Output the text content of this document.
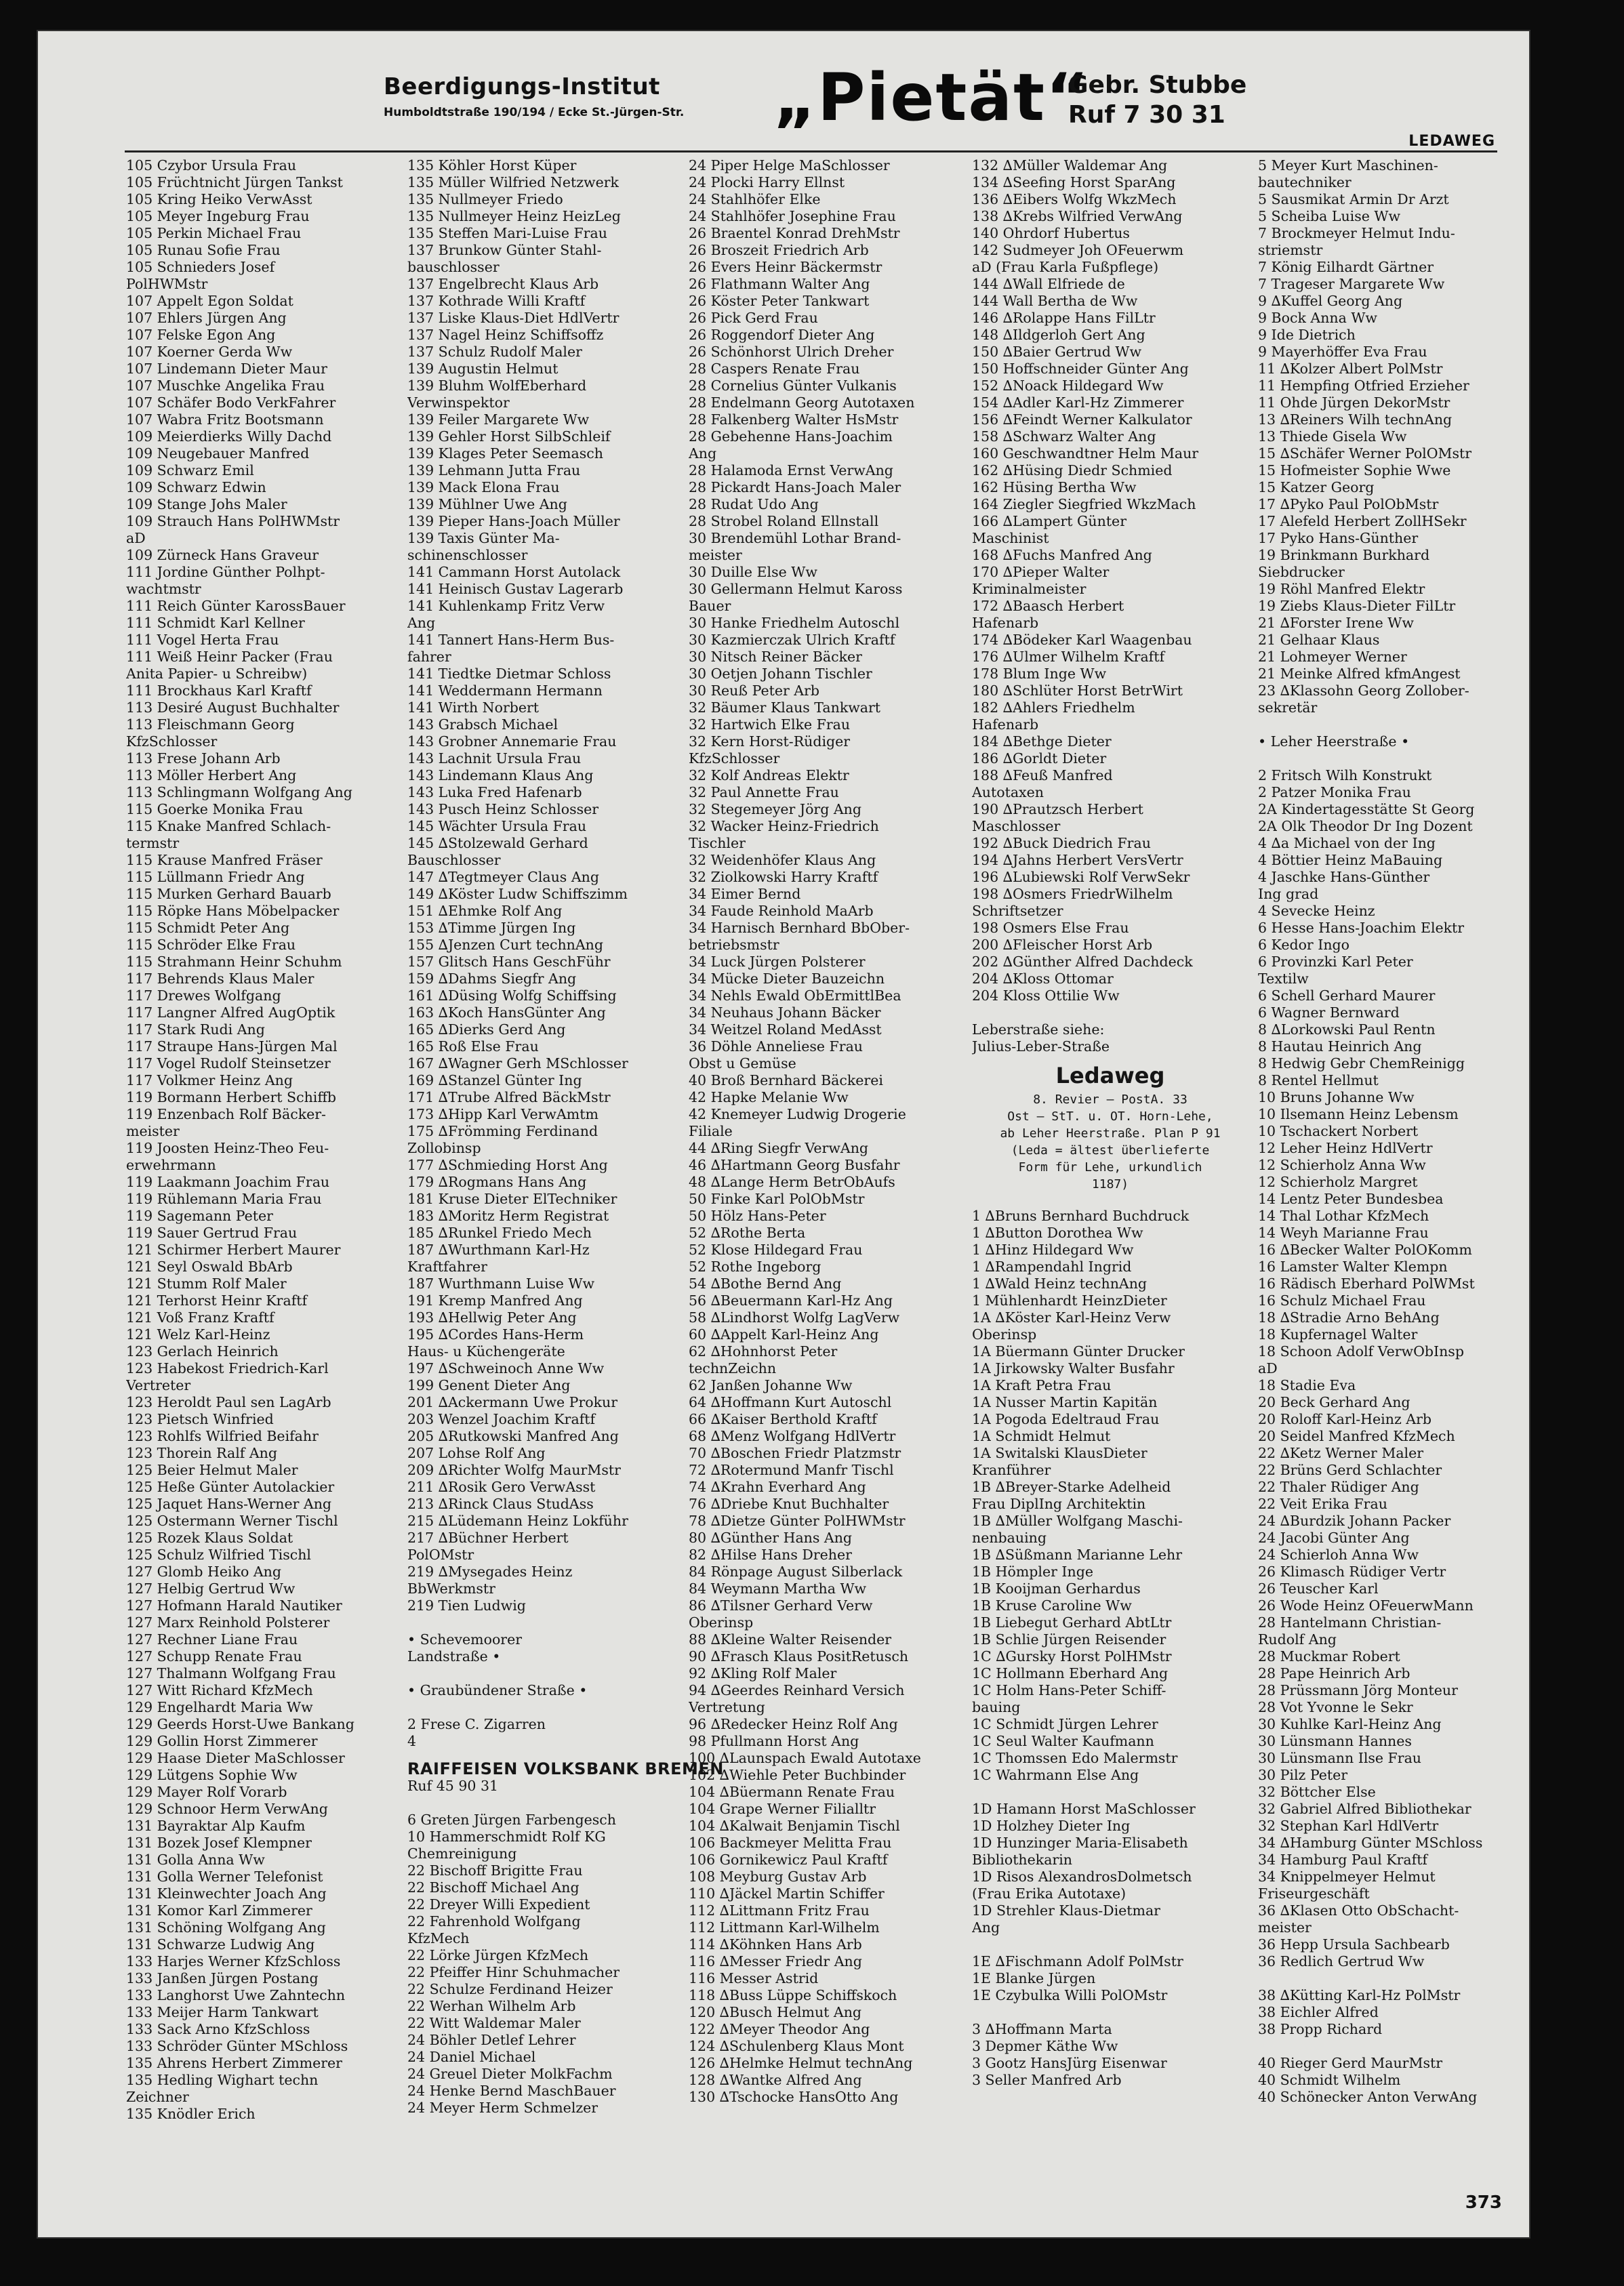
Beerdigungs-Institut
Humboldtstraße 190/194 / Ecke St.-Jürgen-Str.	„Pietät“
Gebr. Stubbe
Ruf 7 30 31
LEDAWEG
105 Czybor Ursula Frau
105 Früchtnicht Jürgen Tankst
105 Kring Heiko VerwAsst
105 Meyer Ingeburg Frau
105 Perkin Michael Frau
105 Runau Sofie Frau
105 Schnieders Josef
PolHWMstr
107 Appelt Egon Soldat
107 Ehlers Jürgen Ang
107 Felske Egon Ang
107 Koerner Gerda Ww
107 Lindemann Dieter Maur
107 Muschke Angelika Frau
107 Schäfer Bodo VerkFahrer
107 Wabra Fritz Bootsmann
109 Meierdierks Willy Dachd
109 Neugebauer Manfred
109 Schwarz Emil
109 Schwarz Edwin
109 Stange Johs Maler
109 Strauch Hans PolHWMstr
aD
109 Zürneck Hans Graveur
111 Jordine Günther Polhpt-
wachtmstr
111 Reich Günter KarossBauer
111 Schmidt Karl Kellner
111 Vogel Herta Frau
111 Weiß Heinr Packer (Frau
Anita Papier- u Schreibw)
111 Brockhaus Karl Kraftf
113 Desiré August Buchhalter
113 Fleischmann Georg
KfzSchlosser
113 Frese Johann Arb
113 Möller Herbert Ang
113 Schlingmann Wolfgang Ang
115 Goerke Monika Frau
115 Knake Manfred Schlach-
termstr
115 Krause Manfred Fräser
115 Lüllmann Friedr Ang
115 Murken Gerhard Bauarb
115 Röpke Hans Möbelpacker
115 Schmidt Peter Ang
115 Schröder Elke Frau
115 Strahmann Heinr Schuhm
117 Behrends Klaus Maler
117 Drewes Wolfgang
117 Langner Alfred AugOptik
117 Stark Rudi Ang
117 Straupe Hans-Jürgen Mal
117 Vogel Rudolf Steinsetzer
117 Volkmer Heinz Ang
119 Bormann Herbert Schiffb
119 Enzenbach Rolf Bäcker-
meister
119 Joosten Heinz-Theo Feu-
erwehrmann
119 Laakmann Joachim Frau
119 Rühlemann Maria Frau
119 Sagemann Peter
119 Sauer Gertrud Frau
121 Schirmer Herbert Maurer
121 Seyl Oswald BbArb
121 Stumm Rolf Maler
121 Terhorst Heinr Kraftf
121 Voß Franz Kraftf
121 Welz Karl-Heinz
123 Gerlach Heinrich
123 Habekost Friedrich-Karl
Vertreter
123 Heroldt Paul sen LagArb
123 Pietsch Winfried
123 Rohlfs Wilfried Beifahr
123 Thorein Ralf Ang
125 Beier Helmut Maler
125 Heße Günter Autolackier
125 Jaquet Hans-Werner Ang
125 Ostermann Werner Tischl
125 Rozek Klaus Soldat
125 Schulz Wilfried Tischl
127 Glomb Heiko Ang
127 Helbig Gertrud Ww
127 Hofmann Harald Nautiker
127 Marx Reinhold Polsterer
127 Rechner Liane Frau
127 Schupp Renate Frau
127 Thalmann Wolfgang Frau
127 Witt Richard KfzMech
129 Engelhardt Maria Ww
129 Geerds Horst-Uwe Bankang
129 Gollin Horst Zimmerer
129 Haase Dieter MaSchlosser
129 Lütgens Sophie Ww
129 Mayer Rolf Vorarb
129 Schnoor Herm VerwAng
131 Bayraktar Alp Kaufm
131 Bozek Josef Klempner
131 Golla Anna Ww
131 Golla Werner Telefonist
131 Kleinwechter Joach Ang
131 Komor Karl Zimmerer
131 Schöning Wolfgang Ang
131 Schwarze Ludwig Ang
133 Harjes Werner KfzSchloss
133 Janßen Jürgen Postang
133 Langhorst Uwe Zahntechn
133 Meijer Harm Tankwart
133 Sack Arno KfzSchloss
133 Schröder Günter MSchloss
135 Ahrens Herbert Zimmerer
135 Hedling Wighart techn
Zeichner
135 Knödler Erich
135 Köhler Horst Küper
135 Müller Wilfried Netzwerk
135 Nullmeyer Friedo
135 Nullmeyer Heinz HeizLeg
135 Steffen Mari-Luise Frau
137 Brunkow Günter Stahl-
bauschlosser
137 Engelbrecht Klaus Arb
137 Kothrade Willi Kraftf
137 Liske Klaus-Diet HdlVertr
137 Nagel Heinz Schiffsoffz
137 Schulz Rudolf Maler
139 Augustin Helmut
139 Bluhm WolfEberhard
Verwinspektor
139 Feiler Margarete Ww
139 Gehler Horst SilbSchleif
139 Klages Peter Seemasch
139 Lehmann Jutta Frau
139 Mack Elona Frau
139 Mühlner Uwe Ang
139 Pieper Hans-Joach Müller
139 Taxis Günter Ma-
schinenschlosser
141 Cammann Horst Autolack
141 Heinisch Gustav Lagerarb
141 Kuhlenkamp Fritz Verw
Ang
141 Tannert Hans-Herm Bus-
fahrer
141 Tiedtke Dietmar Schloss
141 Weddermann Hermann
141 Wirth Norbert
143 Grabsch Michael
143 Grobner Annemarie Frau
143 Lachnit Ursula Frau
143 Lindemann Klaus Ang
143 Luka Fred Hafenarb
143 Pusch Heinz Schlosser
145 Wächter Ursula Frau
145 ∆Stolzewald Gerhard
Bauschlosser
147 ∆Tegtmeyer Claus Ang
149 ∆Köster Ludw Schiffszimm
151 ∆Ehmke Rolf Ang
153 ∆Timme Jürgen Ing
155 ∆Jenzen Curt technAng
157 Glitsch Hans GeschFühr
159 ∆Dahms Siegfr Ang
161 ∆Düsing Wolfg Schiffsing
163 ∆Koch HansGünter Ang
165 ∆Dierks Gerd Ang
165 Roß Else Frau
167 ∆Wagner Gerh MSchlosser
169 ∆Stanzel Günter Ing
171 ∆Trube Alfred BäckMstr
173 ∆Hipp Karl VerwAmtm
175 ∆Frömming Ferdinand
Zollobinsp
177 ∆Schmieding Horst Ang
179 ∆Rogmans Hans Ang
181 Kruse Dieter ElTechniker
183 ∆Moritz Herm Registrat
185 ∆Runkel Friedo Mech
187 ∆Wurthmann Karl-Hz
Kraftfahrer
187 Wurthmann Luise Ww
191 Kremp Manfred Ang
193 ∆Hellwig Peter Ang
195 ∆Cordes Hans-Herm
Haus- u Küchengeräte
197 ∆Schweinoch Anne Ww
199 Genent Dieter Ang
201 ∆Ackermann Uwe Prokur
203 Wenzel Joachim Kraftf
205 ∆Rutkowski Manfred Ang
207 Lohse Rolf Ang
209 ∆Richter Wolfg MaurMstr
211 ∆Rosik Gero VerwAsst
213 ∆Rinck Claus StudAss
215 ∆Lüdemann Heinz Lokführ
217 ∆Büchner Herbert
PolOMstr
219 ∆Mysegades Heinz
BbWerkmstr
219 Tien Ludwig

• Schevemoorer
Landstraße •

• Graubündener Straße •

2 Frese C. Zigarren
4
RAIFFEISEN VOLKSBANK BREMEN
Ruf 45 90 31

6 Greten Jürgen Farbengesch
10 Hammerschmidt Rolf KG
Chemreinigung
22 Bischoff Brigitte Frau
22 Bischoff Michael Ang
22 Dreyer Willi Expedient
22 Fahrenhold Wolfgang
KfzMech
22 Lörke Jürgen KfzMech
22 Pfeiffer Hinr Schuhmacher
22 Schulze Ferdinand Heizer
22 Werhan Wilhelm Arb
22 Witt Waldemar Maler
24 Böhler Detlef Lehrer
24 Daniel Michael
24 Greuel Dieter MolkFachm
24 Henke Bernd MaschBauer
24 Meyer Herm Schmelzer
24 Piper Helge MaSchlosser
24 Plocki Harry Ellnst
24 Stahlhöfer Elke
24 Stahlhöfer Josephine Frau
26 Braentel Konrad DrehMstr
26 Broszeit Friedrich Arb
26 Evers Heinr Bäckermstr
26 Flathmann Walter Ang
26 Köster Peter Tankwart
26 Pick Gerd Frau
26 Roggendorf Dieter Ang
26 Schönhorst Ulrich Dreher
28 Caspers Renate Frau
28 Cornelius Günter Vulkanis
28 Endelmann Georg Autotaxen
28 Falkenberg Walter HsMstr
28 Gebehenne Hans-Joachim
Ang
28 Halamoda Ernst VerwAng
28 Pickardt Hans-Joach Maler
28 Rudat Udo Ang
28 Strobel Roland Ellnstall
30 Brendemühl Lothar Brand-
meister
30 Duille Else Ww
30 Gellermann Helmut Kaross
Bauer
30 Hanke Friedhelm Autoschl
30 Kazmierczak Ulrich Kraftf
30 Nitsch Reiner Bäcker
30 Oetjen Johann Tischler
30 Reuß Peter Arb
32 Bäumer Klaus Tankwart
32 Hartwich Elke Frau
32 Kern Horst-Rüdiger
KfzSchlosser
32 Kolf Andreas Elektr
32 Paul Annette Frau
32 Stegemeyer Jörg Ang
32 Wacker Heinz-Friedrich
Tischler
32 Weidenhöfer Klaus Ang
32 Ziolkowski Harry Kraftf
34 Eimer Bernd
34 Faude Reinhold MaArb
34 Harnisch Bernhard BbOber-
betriebsmstr
34 Luck Jürgen Polsterer
34 Mücke Dieter Bauzeichn
34 Nehls Ewald ObErmittlBea
34 Neuhaus Johann Bäcker
34 Weitzel Roland MedAsst
36 Döhle Anneliese Frau
Obst u Gemüse
40 Broß Bernhard Bäckerei
42 Hapke Melanie Ww
42 Knemeyer Ludwig Drogerie
Filiale
44 ∆Ring Siegfr VerwAng
46 ∆Hartmann Georg Busfahr
48 ∆Lange Herm BetrObAufs
50 Finke Karl PolObMstr
50 Hölz Hans-Peter
52 ∆Rothe Berta
52 Klose Hildegard Frau
52 Rothe Ingeborg
54 ∆Bothe Bernd Ang
56 ∆Beuermann Karl-Hz Ang
58 ∆Lindhorst Wolfg LagVerw
60 ∆Appelt Karl-Heinz Ang
62 ∆Hohnhorst Peter
technZeichn
62 Janßen Johanne Ww
64 ∆Hoffmann Kurt Autoschl
66 ∆Kaiser Berthold Kraftf
68 ∆Menz Wolfgang HdlVertr
70 ∆Boschen Friedr Platzmstr
72 ∆Rotermund Manfr Tischl
74 ∆Krahn Everhard Ang
76 ∆Driebe Knut Buchhalter
78 ∆Dietze Günter PolHWMstr
80 ∆Günther Hans Ang
82 ∆Hilse Hans Dreher
84 Rönpage August Silberlack
84 Weymann Martha Ww
86 ∆Tilsner Gerhard Verw
Oberinsp
88 ∆Kleine Walter Reisender
90 ∆Frasch Klaus PositRetusch
92 ∆Kling Rolf Maler
94 ∆Geerdes Reinhard Versich
Vertretung
96 ∆Redecker Heinz Rolf Ang
98 Pfullmann Horst Ang
100 ∆Launspach Ewald Autotaxe
102 ∆Wiehle Peter Buchbinder
104 ∆Büermann Renate Frau
104 Grape Werner Filialltr
104 ∆Kalwait Benjamin Tischl
106 Backmeyer Melitta Frau
106 Gornikewicz Paul Kraftf
108 Meyburg Gustav Arb
110 ∆Jäckel Martin Schiffer
112 ∆Littmann Fritz Frau
112 Littmann Karl-Wilhelm
114 ∆Köhnken Hans Arb
116 ∆Messer Friedr Ang
116 Messer Astrid
118 ∆Buss Lüppe Schiffskoch
120 ∆Busch Helmut Ang
122 ∆Meyer Theodor Ang
124 ∆Schulenberg Klaus Mont
126 ∆Helmke Helmut technAng
128 ∆Wantke Alfred Ang
130 ∆Tschocke HansOtto Ang
132 ∆Müller Waldemar Ang
134 ∆Seefing Horst SparAng
136 ∆Eibers Wolfg WkzMech
138 ∆Krebs Wilfried VerwAng
140 Ohrdorf Hubertus
142 Sudmeyer Joh OFeuerwm
aD (Frau Karla Fußpflege)
144 ∆Wall Elfriede de
144 Wall Bertha de Ww
146 ∆Rolappe Hans FilLtr
148 ∆Ildgerloh Gert Ang
150 ∆Baier Gertrud Ww
150 Hoffschneider Günter Ang
152 ∆Noack Hildegard Ww
154 ∆Adler Karl-Hz Zimmerer
156 ∆Feindt Werner Kalkulator
158 ∆Schwarz Walter Ang
160 Geschwandtner Helm Maur
162 ∆Hüsing Diedr Schmied
162 Hüsing Bertha Ww
164 Ziegler Siegfried WkzMach
166 ∆Lampert Günter
Maschinist
168 ∆Fuchs Manfred Ang
170 ∆Pieper Walter
Kriminalmeister
172 ∆Baasch Herbert
Hafenarb
174 ∆Bödeker Karl Waagenbau
176 ∆Ulmer Wilhelm Kraftf
178 Blum Inge Ww
180 ∆Schlüter Horst BetrWirt
182 ∆Ahlers Friedhelm
Hafenarb
184 ∆Bethge Dieter
186 ∆Gorldt Dieter
188 ∆Feuß Manfred
Autotaxen
190 ∆Prautzsch Herbert
Maschlosser
192 ∆Buck Diedrich Frau
194 ∆Jahns Herbert VersVertr
196 ∆Lubiewski Rolf VerwSekr
198 ∆Osmers FriedrWilhelm
Schriftsetzer
198 Osmers Else Frau
200 ∆Fleischer Horst Arb
202 ∆Günther Alfred Dachdeck
204 ∆Kloss Ottomar
204 Kloss Ottilie Ww

Leberstraße siehe:
Julius-Leber-Straße
Ledaweg
8. Revier — PostA. 33
Ost — StT. u. OT. Horn-Lehe,
ab Leher Heerstraße. Plan P 91
(Leda = ältest überlieferte
Form für Lehe, urkundlich
1187)
1 ∆Bruns Bernhard Buchdruck
1 ∆Button Dorothea Ww
1 ∆Hinz Hildegard Ww
1 ∆Rampendahl Ingrid
1 ∆Wald Heinz technAng
1 Mühlenhardt HeinzDieter
1A ∆Köster Karl-Heinz Verw
Oberinsp
1A Büermann Günter Drucker
1A Jirkowsky Walter Busfahr
1A Kraft Petra Frau
1A Nusser Martin Kapitän
1A Pogoda Edeltraud Frau
1A Schmidt Helmut
1A Switalski KlausDieter
Kranführer
1B ∆Breyer-Starke Adelheid
Frau DiplIng Architektin
1B ∆Müller Wolfgang Maschi-
nenbauing
1B ∆Süßmann Marianne Lehr
1B Hömpler Inge
1B Kooijman Gerhardus
1B Kruse Caroline Ww
1B Liebegut Gerhard AbtLtr
1B Schlie Jürgen Reisender
1C ∆Gursky Horst PolHMstr
1C Hollmann Eberhard Ang
1C Holm Hans-Peter Schiff-
bauing
1C Schmidt Jürgen Lehrer
1C Seul Walter Kaufmann
1C Thomssen Edo Malermstr
1C Wahrmann Else Ang

1D Hamann Horst MaSchlosser
1D Holzhey Dieter Ing
1D Hunzinger Maria-Elisabeth
Bibliothekarin
1D Risos AlexandrosDolmetsch
(Frau Erika Autotaxe)
1D Strehler Klaus-Dietmar
Ang

1E ∆Fischmann Adolf PolMstr
1E Blanke Jürgen
1E Czybulka Willi PolOMstr

3 ∆Hoffmann Marta
3 Depmer Käthe Ww
3 Gootz HansJürg Eisenwar
3 Seller Manfred Arb
5 Meyer Kurt Maschinen-
bautechniker
5 Sausmikat Armin Dr Arzt
5 Scheiba Luise Ww
7 Brockmeyer Helmut Indu-
striemstr
7 König Eilhardt Gärtner
7 Trageser Margarete Ww
9 ∆Kuffel Georg Ang
9 Bock Anna Ww
9 Ide Dietrich
9 Mayerhöffer Eva Frau
11 ∆Kolzer Albert PolMstr
11 Hempfing Otfried Erzieher
11 Ohde Jürgen DekorMstr
13 ∆Reiners Wilh technAng
13 Thiede Gisela Ww
15 ∆Schäfer Werner PolOMstr
15 Hofmeister Sophie Wwe
15 Katzer Georg
17 ∆Pyko Paul PolObMstr
17 Alefeld Herbert ZollHSekr
17 Pyko Hans-Günther
19 Brinkmann Burkhard
Siebdrucker
19 Röhl Manfred Elektr
19 Ziebs Klaus-Dieter FilLtr
21 ∆Forster Irene Ww
21 Gelhaar Klaus
21 Lohmeyer Werner
21 Meinke Alfred kfmAngest
23 ∆Klassohn Georg Zollober-
sekretär

• Leher Heerstraße •

2 Fritsch Wilh Konstrukt
2 Patzer Monika Frau
2A Kindertagesstätte St Georg
2A Olk Theodor Dr Ing Dozent
4 ∆a Michael von der Ing
4 Böttier Heinz MaBauing
4 Jaschke Hans-Günther
Ing grad
4 Sevecke Heinz
6 Hesse Hans-Joachim Elektr
6 Kedor Ingo
6 Provinzki Karl Peter
Textilw
6 Schell Gerhard Maurer
6 Wagner Bernward
8 ∆Lorkowski Paul Rentn
8 Hautau Heinrich Ang
8 Hedwig Gebr ChemReinigg
8 Rentel Hellmut
10 Bruns Johanne Ww
10 Ilsemann Heinz Lebensm
10 Tschackert Norbert
12 Leher Heinz HdlVertr
12 Schierholz Anna Ww
12 Schierholz Margret
14 Lentz Peter Bundesbea
14 Thal Lothar KfzMech
14 Weyh Marianne Frau
16 ∆Becker Walter PolOKomm
16 Lamster Walter Klempn
16 Rädisch Eberhard PolWMst
16 Schulz Michael Frau
18 ∆Stradie Arno BehAng
18 Kupfernagel Walter
18 Schoon Adolf VerwObInsp
aD
18 Stadie Eva
20 Beck Gerhard Ang
20 Roloff Karl-Heinz Arb
20 Seidel Manfred KfzMech
22 ∆Ketz Werner Maler
22 Brüns Gerd Schlachter
22 Thaler Rüdiger Ang
22 Veit Erika Frau
24 ∆Burdzik Johann Packer
24 Jacobi Günter Ang
24 Schierloh Anna Ww
26 Klimasch Rüdiger Vertr
26 Teuscher Karl
26 Wode Heinz OFeuerwMann
28 Hantelmann Christian-
Rudolf Ang
28 Muckmar Robert
28 Pape Heinrich Arb
28 Prüssmann Jörg Monteur
28 Vot Yvonne le Sekr
30 Kuhlke Karl-Heinz Ang
30 Lünsmann Hannes
30 Lünsmann Ilse Frau
30 Pilz Peter
32 Böttcher Else
32 Gabriel Alfred Bibliothekar
32 Stephan Karl HdlVertr
34 ∆Hamburg Günter MSchloss
34 Hamburg Paul Kraftf
34 Knippelmeyer Helmut
Friseurgeschäft
36 ∆Klasen Otto ObSchacht-
meister
36 Hepp Ursula Sachbearb
36 Redlich Gertrud Ww

38 ∆Kütting Karl-Hz PolMstr
38 Eichler Alfred
38 Propp Richard

40 Rieger Gerd MaurMstr
40 Schmidt Wilhelm
40 Schönecker Anton VerwAng
373
